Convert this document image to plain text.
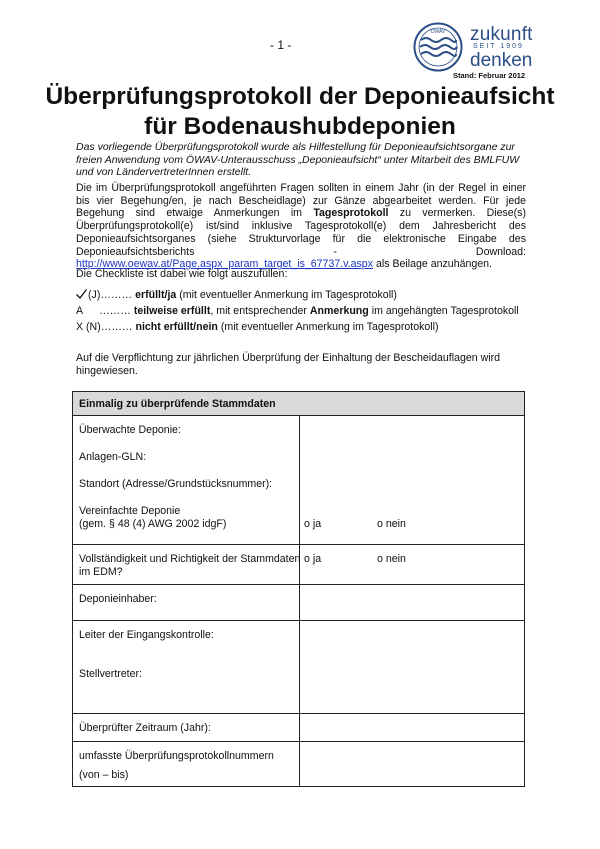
- 1 -
ÖWAV zukunft
SEIT 1909
denken
Stand: Februar 2012
Überprüfungsprotokoll der Deponieaufsicht
für Bodenaushubdeponien
Das vorliegende Überprüfungsprotokoll wurde als Hilfestellung für Deponieaufsichtsorgane zur freien Anwendung vom ÖWAV-Unterausschuss „Deponieaufsicht“ unter Mitarbeit des BMLFUW und von LändervertreterInnen erstellt.
Die im Überprüfungsprotokoll angeführten Fragen sollten in einem Jahr (in der Regel in einer bis vier Begehung/en, je nach Bescheidlage) zur Gänze abgearbeitet werden. Für jede Begehung sind etwaige Anmerkungen im Tagesprotokoll zu vermerken. Diese(s) Überprüfungsprotokoll(e) ist/sind inklusive Tagesprotokoll(e) dem Jahresbericht des Deponieaufsichtsorganes (siehe Strukturvorlage für die elektronische Eingabe des Deponieaufsichtsberichts - Download: http://www.oewav.at/Page.aspx_param_target_is_67737.v.aspx als Beilage anzuhängen.
Die Checkliste ist dabei wie folgt auszufüllen:
(J)……… erfüllt/ja (mit eventueller Anmerkung im Tagesprotokoll)
A ……… teilweise erfüllt, mit entsprechender Anmerkung im angehängten Tagesprotokoll
X (N)……… nicht erfüllt/nein (mit eventueller Anmerkung im Tagesprotokoll)
Auf die Verpflichtung zur jährlichen Überprüfung der Einhaltung der Bescheidauflagen wird hingewiesen.
Einmalig zu überprüfende Stammdaten	

Überwachte Deponie:
Anlagen-GLN:
Standort (Adresse/Grundstücksnummer):
Vereinfachte Deponie
(gem. § 48 (4) AWG 2002 idgF)	o ja o nein

Vollständigkeit und Richtigkeit der Stammdaten
im EDM?	o ja o nein

Deponieinhaber:	

Leiter der Eingangskontrolle:
Stellvertreter:	

Überprüfter Zeitraum (Jahr):	

umfasste Überprüfungsprotokollnummern
(von – bis)	
